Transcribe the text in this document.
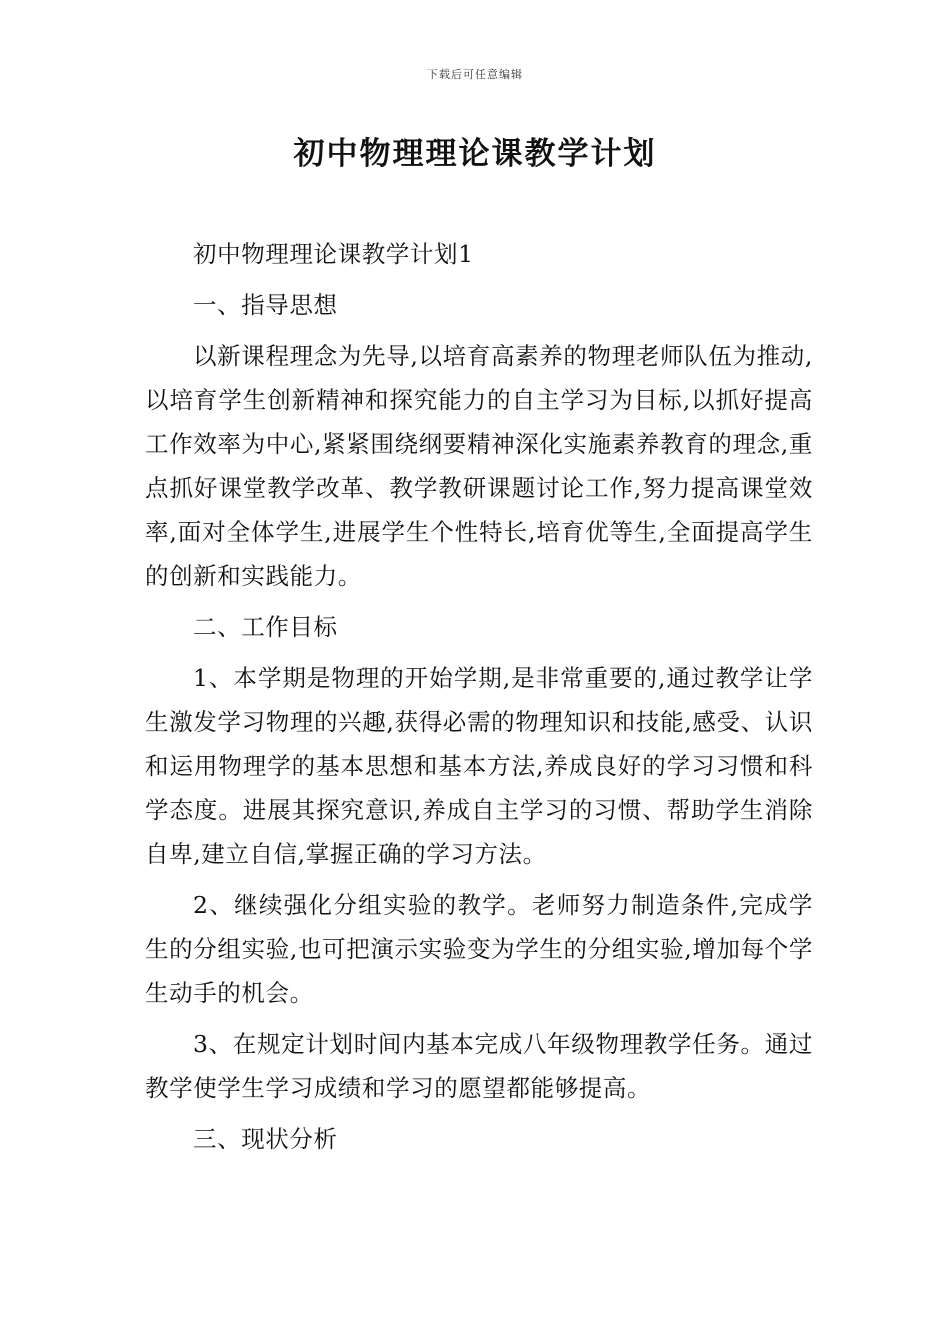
下载后可任意编辑
初中物理理论课教学计划

初中物理理论课教学计划1

一、指导思想

以新课程理念为先导,以培育高素养的物理老师队伍为推动,以培育学生创新精神和探究能力的自主学习为目标,以抓好提高工作效率为中心,紧紧围绕纲要精神深化实施素养教育的理念,重点抓好课堂教学改革、教学教研课题讨论工作,努力提高课堂效率,面对全体学生,进展学生个性特长,培育优等生,全面提高学生的创新和实践能力。

二、工作目标

1、本学期是物理的开始学期,是非常重要的,通过教学让学生激发学习物理的兴趣,获得必需的物理知识和技能,感受、认识和运用物理学的基本思想和基本方法,养成良好的学习习惯和科学态度。进展其探究意识,养成自主学习的习惯、帮助学生消除自卑,建立自信,掌握正确的学习方法。

2、继续强化分组实验的教学。老师努力制造条件,完成学生的分组实验,也可把演示实验变为学生的分组实验,增加每个学生动手的机会。

3、在规定计划时间内基本完成八年级物理教学任务。通过教学使学生学习成绩和学习的愿望都能够提高。

三、现状分析
